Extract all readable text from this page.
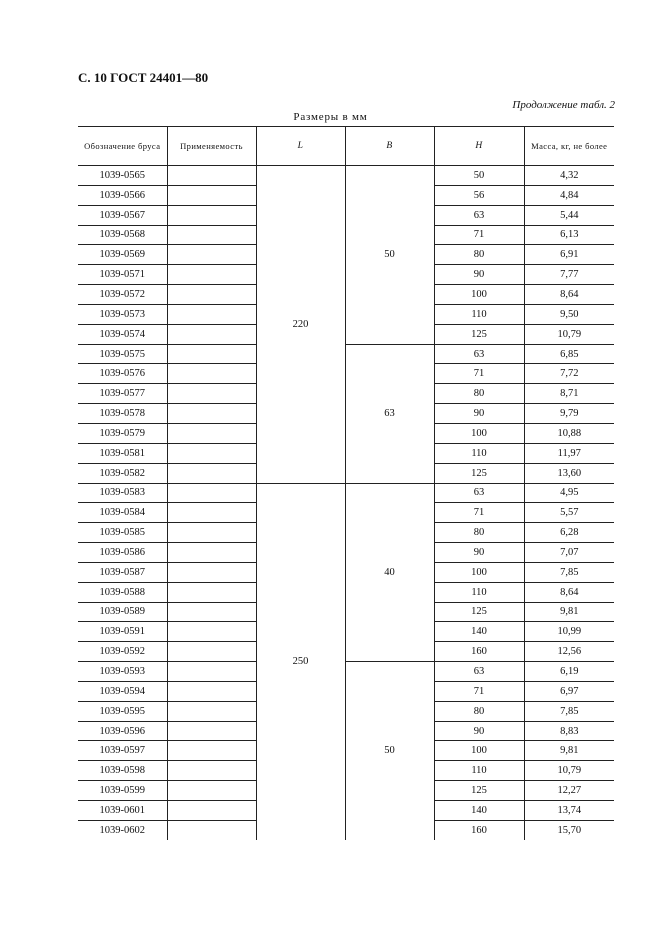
С. 10 ГОСТ 24401—80
Продолжение табл. 2
Размеры в мм
Обозначение бруса	Применяемость	L	B	H	Масса, кг, не более
1039-0565		220	50	50	4,32
1039-0566				56	4,84
1039-0567				63	5,44
1039-0568				71	6,13
1039-0569				80	6,91
1039-0571				90	7,77
1039-0572				100	8,64
1039-0573				110	9,50
1039-0574				125	10,79
1039-0575			63	63	6,85
1039-0576				71	7,72
1039-0577				80	8,71
1039-0578				90	9,79
1039-0579				100	10,88
1039-0581				110	11,97
1039-0582				125	13,60
1039-0583		250	40	63	4,95
1039-0584				71	5,57
1039-0585				80	6,28
1039-0586				90	7,07
1039-0587				100	7,85
1039-0588				110	8,64
1039-0589				125	9,81
1039-0591				140	10,99
1039-0592				160	12,56
1039-0593			50	63	6,19
1039-0594				71	6,97
1039-0595				80	7,85
1039-0596				90	8,83
1039-0597				100	9,81
1039-0598				110	10,79
1039-0599				125	12,27
1039-0601				140	13,74
1039-0602				160	15,70
